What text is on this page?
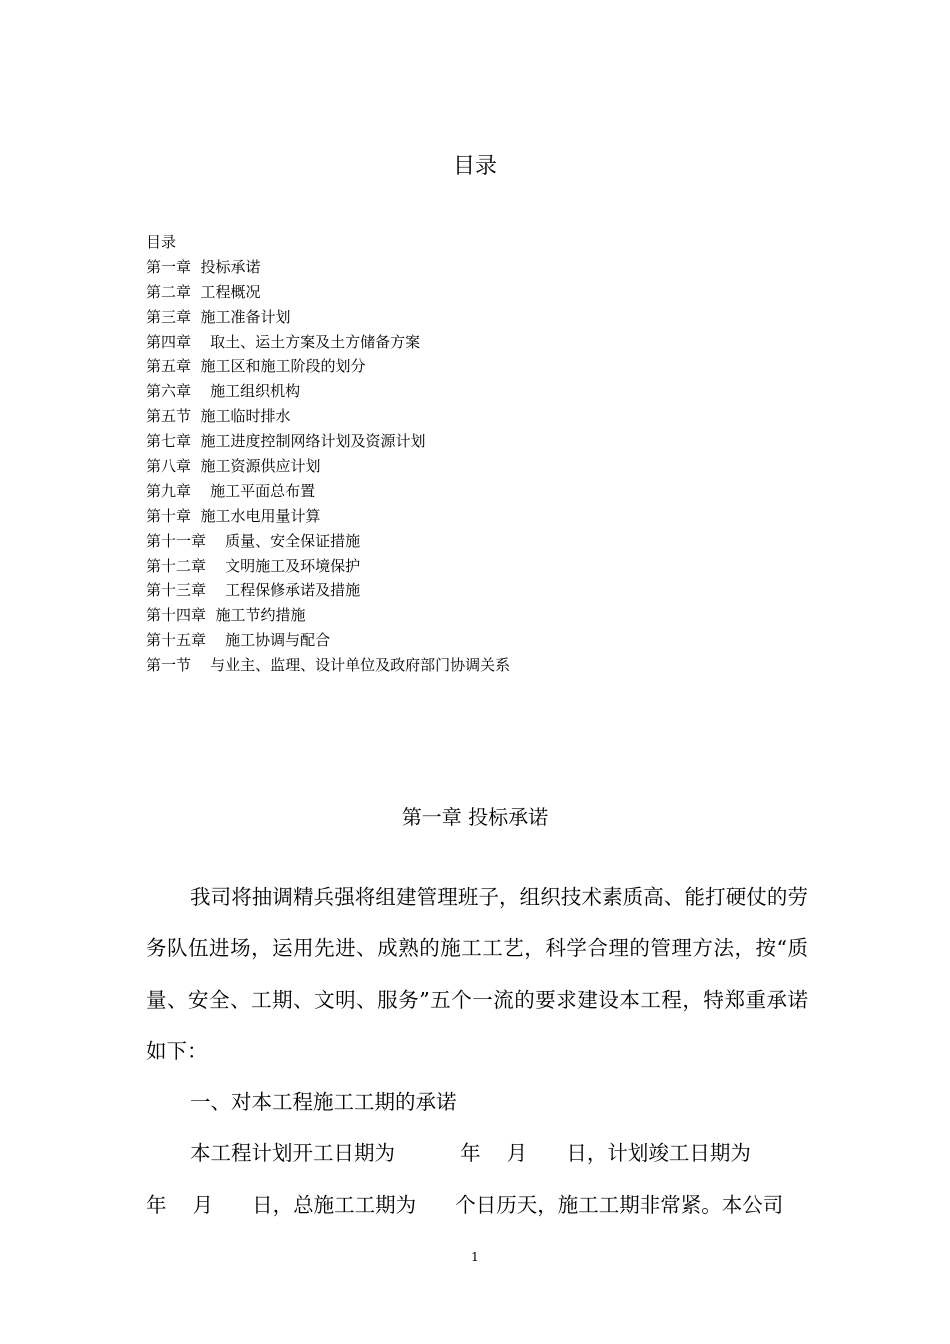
目录
目录
第一章  投标承诺
第二章  工程概况
第三章  施工准备计划
第四章    取土、运土方案及土方储备方案
第五章  施工区和施工阶段的划分
第六章    施工组织机构
第五节  施工临时排水
第七章  施工进度控制网络计划及资源计划
第八章  施工资源供应计划
第九章    施工平面总布置
第十章  施工水电用量计算
第十一章    质量、安全保证措施
第十二章    文明施工及环境保护
第十三章    工程保修承诺及措施
第十四章  施工节约措施
第十五章    施工协调与配合
第一节    与业主、监理、设计单位及政府部门协调关系
第一章 投标承诺
我司将抽调精兵强将组建管理班子，组织技术素质高、能打硬仗的劳务队伍进场，运用先进、成熟的施工工艺，科学合理的管理方法，按“质量、安全、工期、文明、服务”五个一流的要求建设本工程，特郑重承诺如下：
一、对本工程施工工期的承诺
本工程计划开工日期为          年    月      日，计划竣工日期为
年    月      日，总施工工期为      个日历天，施工工期非常紧。本公司
1
